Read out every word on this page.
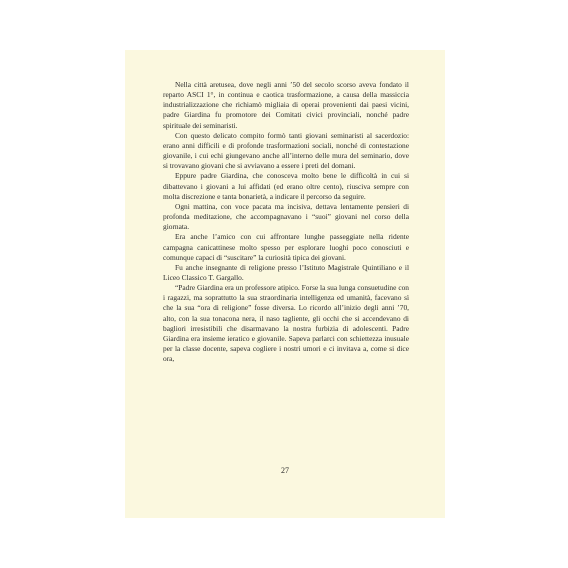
Nella città aretusea, dove negli anni ’50 del secolo scorso aveva fondato il reparto ASCI 1°, in continua e caotica trasformazione, a causa della massiccia industrializzazione che richiamò migliaia di operai provenienti dai paesi vicini, padre Giardina fu promotore dei Comitati civici provinciali, nonché padre spirituale dei seminaristi.

Con questo delicato compito formò tanti giovani seminaristi al sacerdozio: erano anni difficili e di profonde trasformazioni sociali, nonché di contestazione giovanile, i cui echi giungevano anche all’interno delle mura del seminario, dove si trovavano giovani che si avviavano a essere i preti del domani.

Eppure padre Giardina, che conosceva molto bene le difficoltà in cui si dibattevano i giovani a lui affidati (ed erano oltre cento), riusciva sempre con molta discrezione e tanta bonarietà, a indicare il percorso da seguire.

Ogni mattina, con voce pacata ma incisiva, dettava lentamente pensieri di profonda meditazione, che accompagnavano i “suoi” giovani nel corso della giornata.

Era anche l’amico con cui affrontare lunghe passeggiate nella ridente campagna canicattinese molto spesso per esplorare luoghi poco conosciuti e comunque capaci di “suscitare” la curiosità tipica dei giovani.

Fu anche insegnante di religione presso l’Istituto Magistrale Quintiliano e il Liceo Classico T. Gargallo.

“Padre Giardina era un professore atipico. Forse la sua lunga consuetudine con i ragazzi, ma soprattutto la sua straordinaria intelligenza ed umanità, facevano sì che la sua “ora di religione” fosse diversa. Lo ricordo all’inizio degli anni ’70, alto, con la sua tonacona nera, il naso tagliente, gli occhi che si accendevano di bagliori irresistibili che disarmavano la nostra furbizia di adolescenti. Padre Giardina era insieme ieratico e giovanile. Sapeva parlarci con schiettezza inusuale per la classe docente, sapeva cogliere i nostri umori e ci invitava a, come si dice ora,

27
